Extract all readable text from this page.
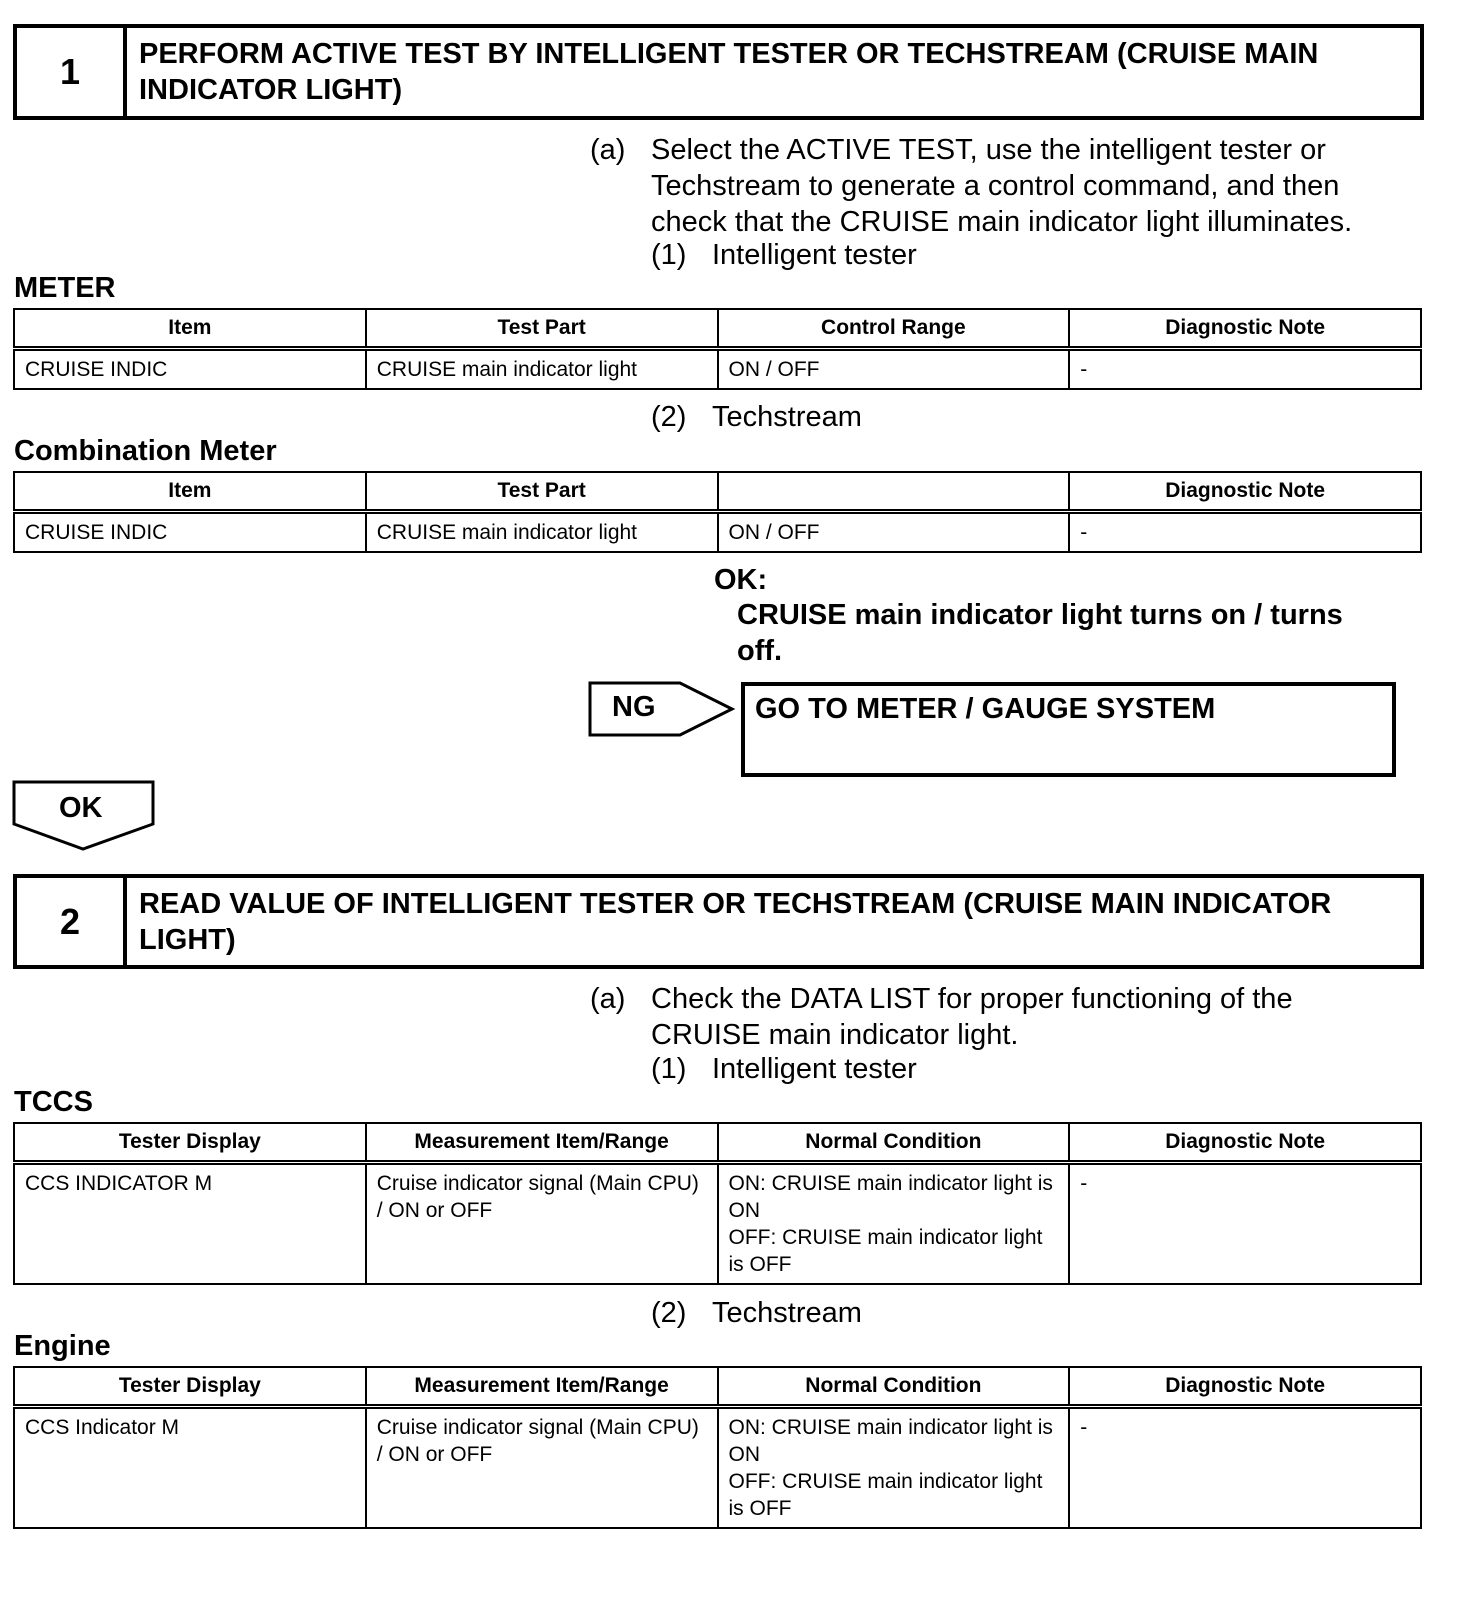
1	PERFORM ACTIVE TEST BY INTELLIGENT TESTER OR TECHSTREAM (CRUISE MAIN INDICATOR LIGHT)
(a) Select the ACTIVE TEST, use the intelligent tester or Techstream to generate a control command, and then check that the CRUISE main indicator light illuminates.
(1) Intelligent tester
METER
Item	Test Part	Control Range	Diagnostic Note
CRUISE INDIC	CRUISE main indicator light	ON / OFF	-
(2) Techstream
Combination Meter
Item	Test Part		Diagnostic Note
CRUISE INDIC	CRUISE main indicator light	ON / OFF	-
OK:
CRUISE main indicator light turns on / turns off.
NG	GO TO METER / GAUGE SYSTEM
OK
2	READ VALUE OF INTELLIGENT TESTER OR TECHSTREAM (CRUISE MAIN INDICATOR LIGHT)
(a) Check the DATA LIST for proper functioning of the CRUISE main indicator light.
(1) Intelligent tester
TCCS
Tester Display	Measurement Item/Range	Normal Condition	Diagnostic Note
CCS INDICATOR M	Cruise indicator signal (Main CPU) / ON or OFF	ON: CRUISE main indicator light is ON
OFF: CRUISE main indicator light is OFF	-
(2) Techstream
Engine
Tester Display	Measurement Item/Range	Normal Condition	Diagnostic Note
CCS Indicator M	Cruise indicator signal (Main CPU) / ON or OFF	ON: CRUISE main indicator light is ON
OFF: CRUISE main indicator light is OFF	-
